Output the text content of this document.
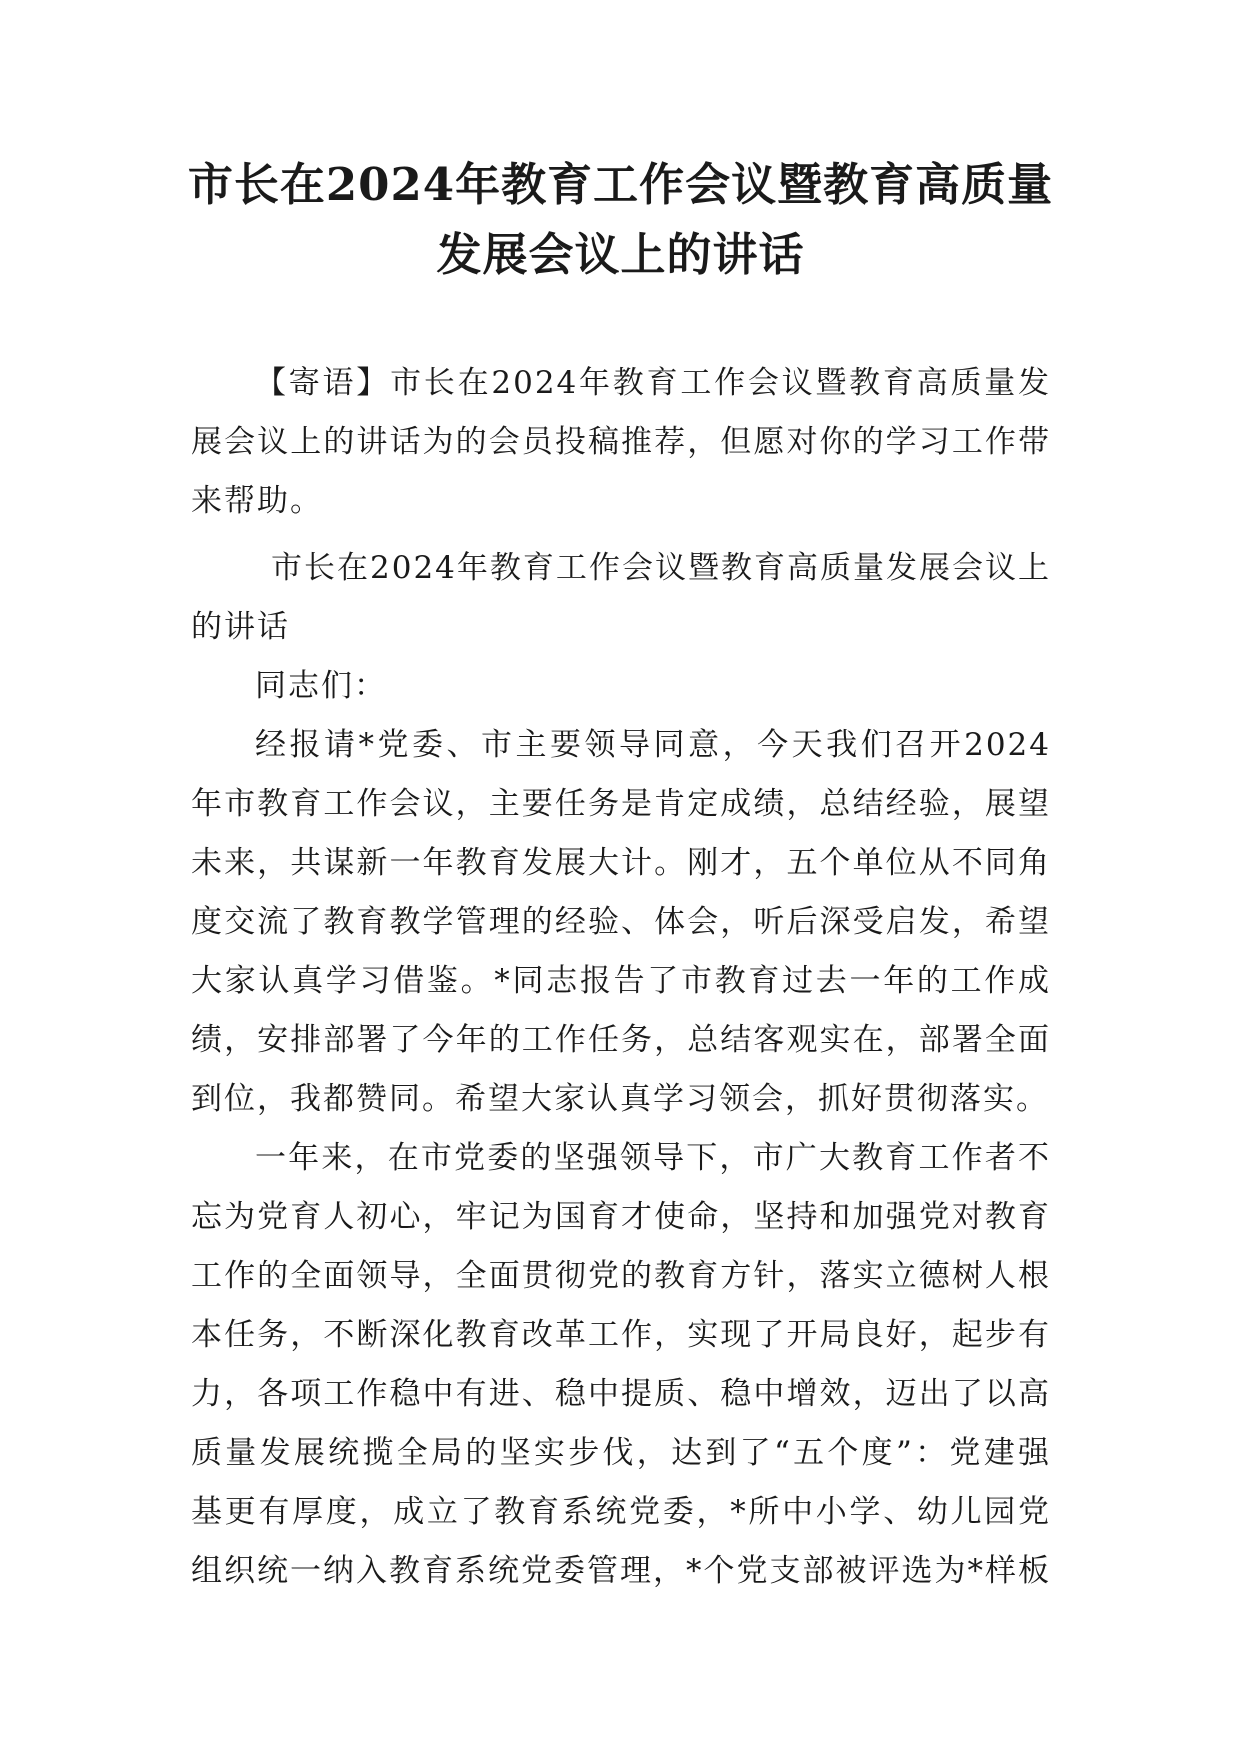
市长在2024年教育工作会议暨教育高质量
发展会议上的讲话

【寄语】市长在2024年教育工作会议暨教育高质量发展会议上的讲话为的会员投稿推荐，但愿对你的学习工作带来帮助。

市长在2024年教育工作会议暨教育高质量发展会议上的讲话

同志们：

经报请*党委、市主要领导同意，今天我们召开2024年市教育工作会议，主要任务是肯定成绩，总结经验，展望未来，共谋新一年教育发展大计。刚才，五个单位从不同角度交流了教育教学管理的经验、体会，听后深受启发，希望大家认真学习借鉴。*同志报告了市教育过去一年的工作成绩，安排部署了今年的工作任务，总结客观实在，部署全面到位，我都赞同。希望大家认真学习领会，抓好贯彻落实。

一年来，在市党委的坚强领导下，市广大教育工作者不忘为党育人初心，牢记为国育才使命，坚持和加强党对教育工作的全面领导，全面贯彻党的教育方针，落实立德树人根本任务，不断深化教育改革工作，实现了开局良好，起步有力，各项工作稳中有进、稳中提质、稳中增效，迈出了以高质量发展统揽全局的坚实步伐，达到了“五个度”：党建强基更有厚度，成立了教育系统党委，*所中小学、幼儿园党组织统一纳入教育系统党委管理，*个党支部被评选为*样板
